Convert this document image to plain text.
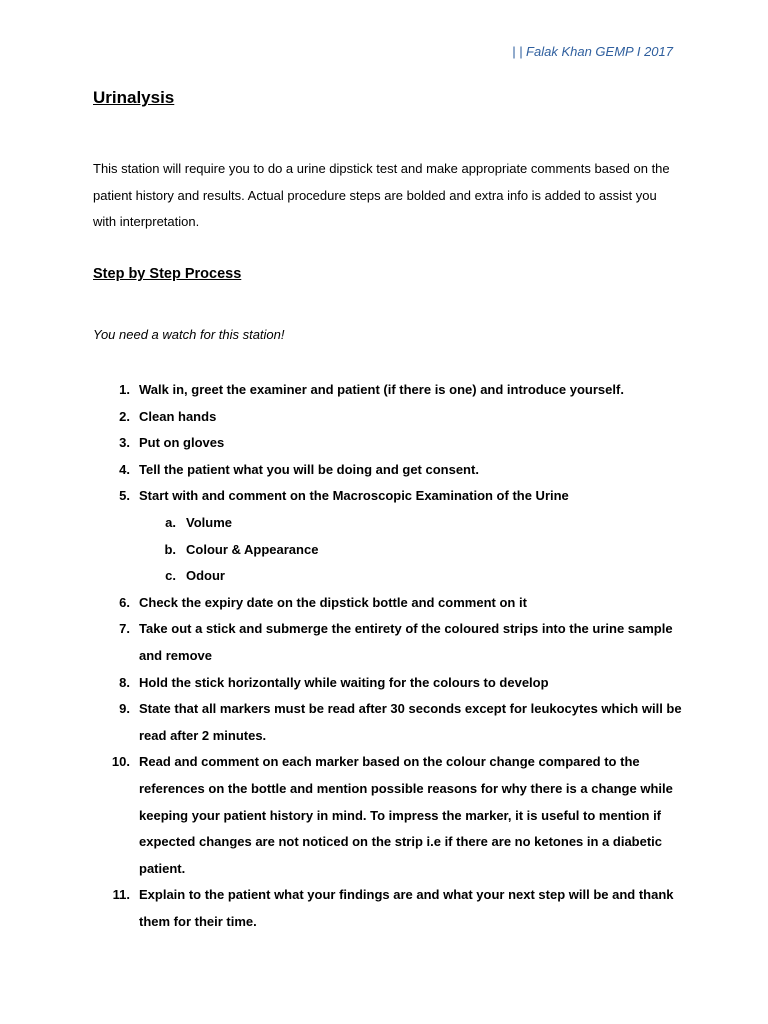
| | Falak Khan GEMP I 2017
Urinalysis

This station will require you to do a urine dipstick test and make appropriate comments based on the patient history and results. Actual procedure steps are bolded and extra info is added to assist you with interpretation.

Step by Step Process

You need a watch for this station!

1. Walk in, greet the examiner and patient (if there is one) and introduce yourself.
2. Clean hands
3. Put on gloves
4. Tell the patient what you will be doing and get consent.
5. Start with and comment on the Macroscopic Examination of the Urine
a. Volume
b. Colour & Appearance
c. Odour
6. Check the expiry date on the dipstick bottle and comment on it
7. Take out a stick and submerge the entirety of the coloured strips into the urine sample and remove
8. Hold the stick horizontally while waiting for the colours to develop
9. State that all markers must be read after 30 seconds except for leukocytes which will be read after 2 minutes.
10. Read and comment on each marker based on the colour change compared to the references on the bottle and mention possible reasons for why there is a change while keeping your patient history in mind. To impress the marker, it is useful to mention if expected changes are not noticed on the strip i.e if there are no ketones in a diabetic patient.
11. Explain to the patient what your findings are and what your next step will be and thank them for their time.
